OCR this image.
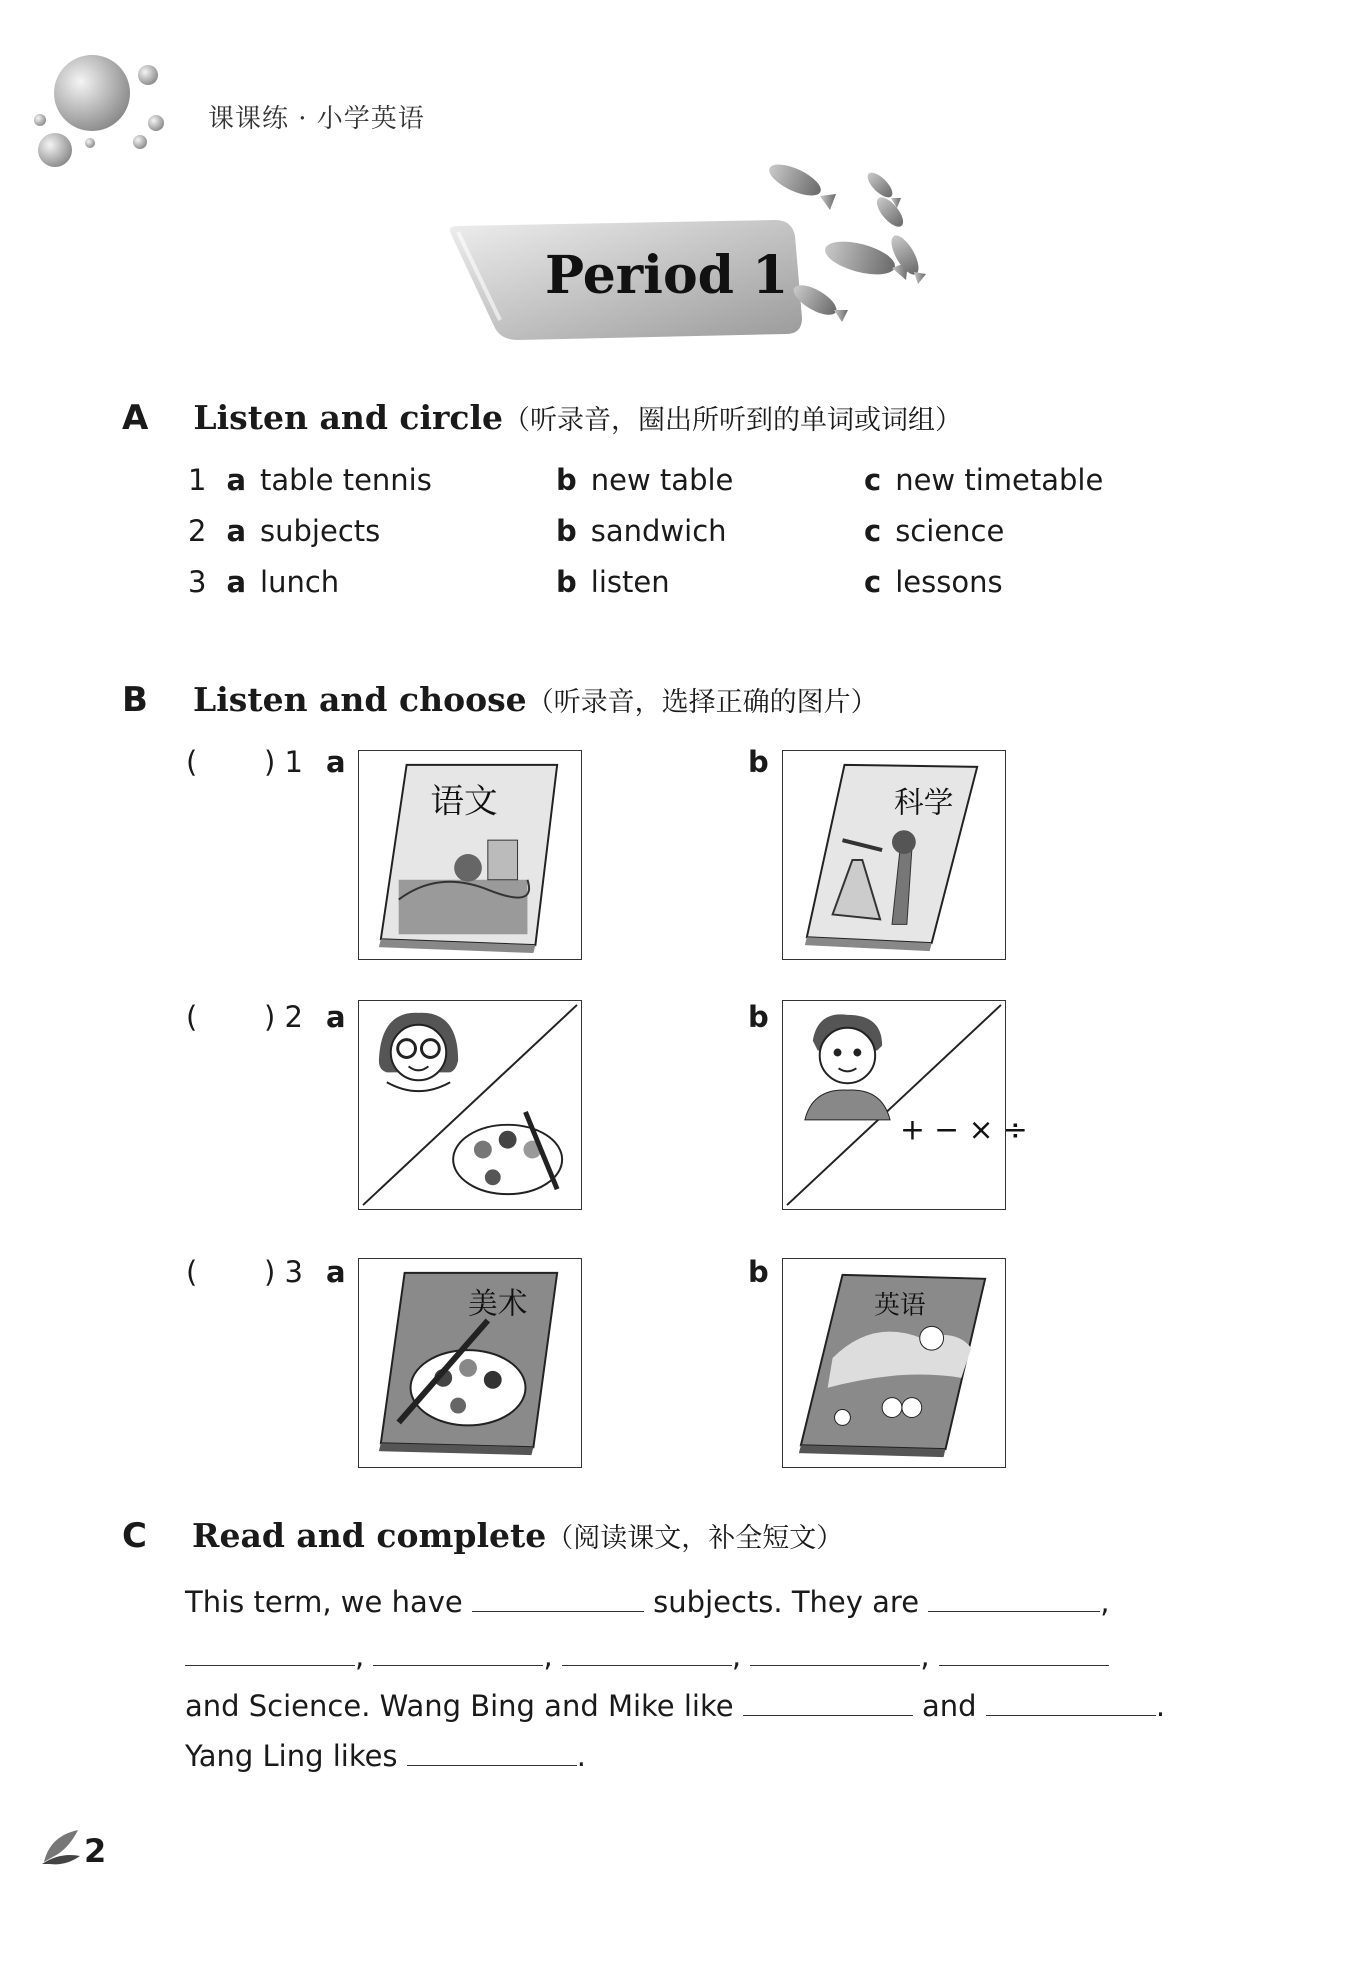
课课练 · 小学英语
Period 1
A Listen and circle（听录音，圈出所听到的单词或词组）
1 a table tennis	b new table	c new timetable
2 a subjects	b sandwich	c science
3 a lunch	b listen	c lessons
B Listen and choose（听录音，选择正确的图片）
( ) 1 a
语文
b
科学
( ) 2 a	b
+ − × ÷
( ) 3 a
美术
b
英语
C Read and complete（阅读课文，补全短文）
This term, we have	subjects. They are	,
,	,	,	,
and Science. Wang Bing and Mike like	and	.
Yang Ling likes	.
2
